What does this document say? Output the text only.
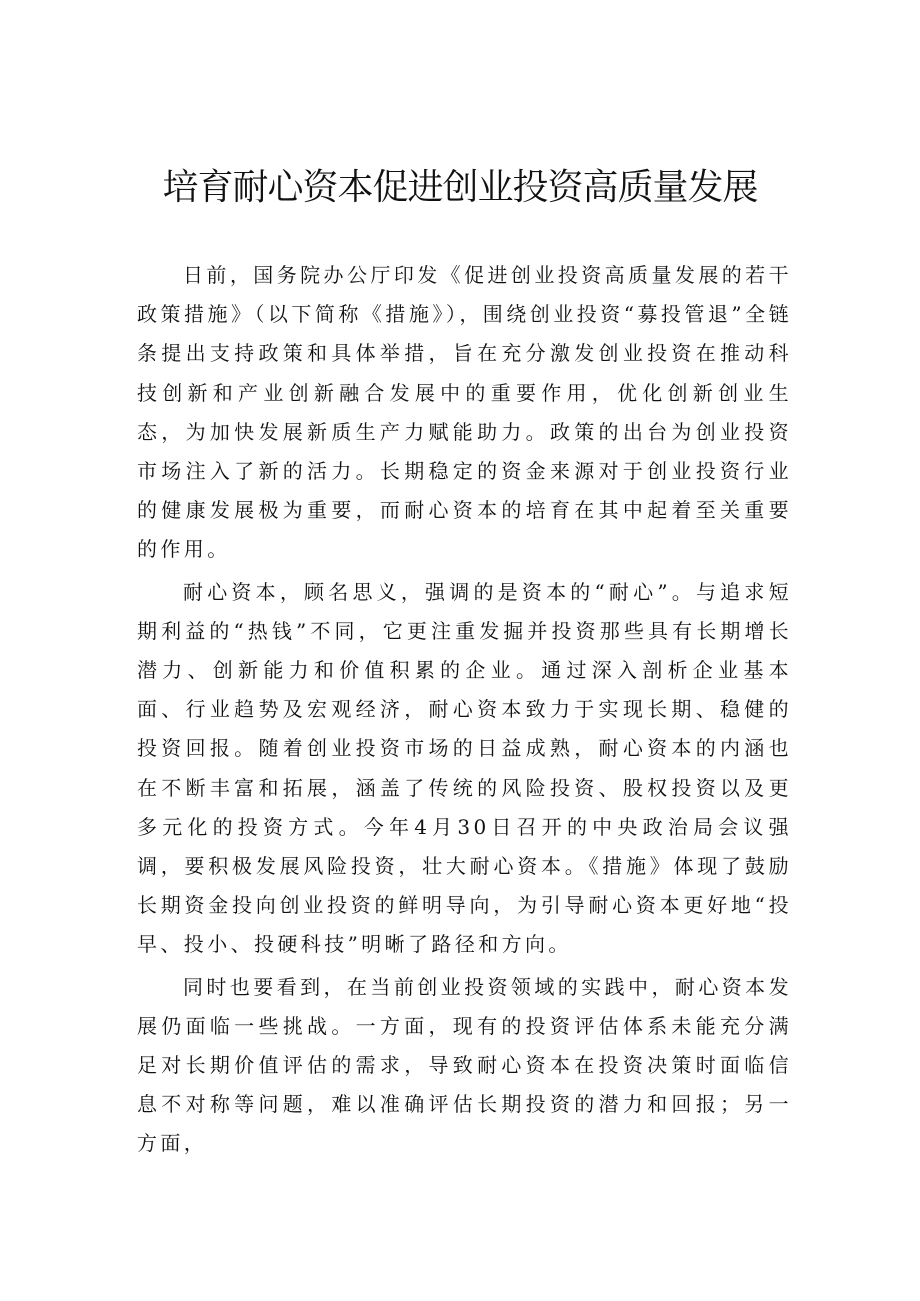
培育耐心资本促进创业投资高质量发展

日前，国务院办公厅印发《促进创业投资高质量发展的若干政策措施》（以下简称《措施》），围绕创业投资“募投管退”全链条提出支持政策和具体举措，旨在充分激发创业投资在推动科技创新和产业创新融合发展中的重要作用，优化创新创业生态，为加快发展新质生产力赋能助力。政策的出台为创业投资市场注入了新的活力。长期稳定的资金来源对于创业投资行业的健康发展极为重要，而耐心资本的培育在其中起着至关重要的作用。

耐心资本，顾名思义，强调的是资本的“耐心”。与追求短期利益的“热钱”不同，它更注重发掘并投资那些具有长期增长潜力、创新能力和价值积累的企业。通过深入剖析企业基本面、行业趋势及宏观经济，耐心资本致力于实现长期、稳健的投资回报。随着创业投资市场的日益成熟，耐心资本的内涵也在不断丰富和拓展，涵盖了传统的风险投资、股权投资以及更多元化的投资方式。今年4月30日召开的中央政治局会议强调，要积极发展风险投资，壮大耐心资本。《措施》体现了鼓励长期资金投向创业投资的鲜明导向，为引导耐心资本更好地“投早、投小、投硬科技”明晰了路径和方向。

同时也要看到，在当前创业投资领域的实践中，耐心资本发展仍面临一些挑战。一方面，现有的投资评估体系未能充分满足对长期价值评估的需求，导致耐心资本在投资决策时面临信息不对称等问题，难以准确评估长期投资的潜力和回报；另一方面，
